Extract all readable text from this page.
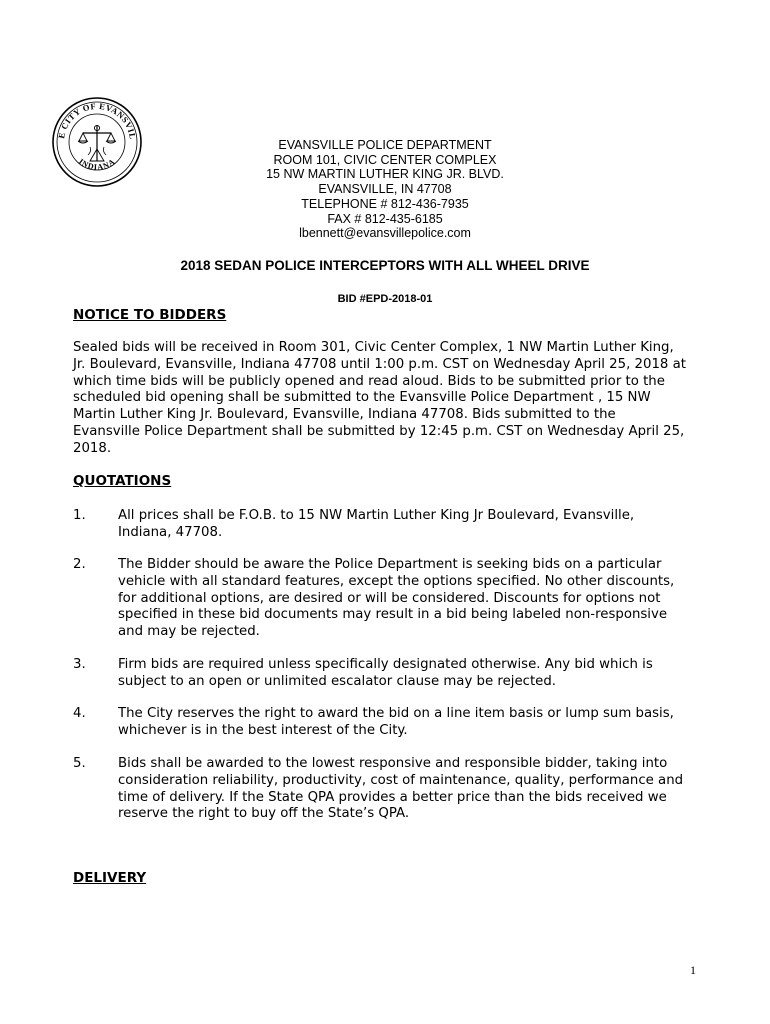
E CITY OF EVANSVIL
INDIANA
EVANSVILLE POLICE DEPARTMENT
ROOM 101, CIVIC CENTER COMPLEX
15 NW MARTIN LUTHER KING JR. BLVD.
EVANSVILLE, IN 47708
TELEPHONE # 812-436-7935
FAX # 812-435-6185
lbennett@evansvillepolice.com
2018 SEDAN POLICE INTERCEPTORS WITH ALL WHEEL DRIVE
BID #EPD-2018-01
NOTICE TO BIDDERS
Sealed bids will be received in Room 301, Civic Center Complex, 1 NW Martin Luther King,
Jr. Boulevard, Evansville, Indiana 47708 until 1:00 p.m. CST on Wednesday April 25, 2018 at
which time bids will be publicly opened and read aloud. Bids to be submitted prior to the
scheduled bid opening shall be submitted to the Evansville Police Department , 15 NW
Martin Luther King Jr. Boulevard, Evansville, Indiana 47708. Bids submitted to the
Evansville Police Department shall be submitted by 12:45 p.m. CST on Wednesday April 25,
2018.
QUOTATIONS
1. All prices shall be F.O.B. to 15 NW Martin Luther King Jr Boulevard, Evansville,
Indiana, 47708.
2. The Bidder should be aware the Police Department is seeking bids on a particular
vehicle with all standard features, except the options specified. No other discounts,
for additional options, are desired or will be considered. Discounts for options not
specified in these bid documents may result in a bid being labeled non-responsive
and may be rejected.
3. Firm bids are required unless specifically designated otherwise. Any bid which is
subject to an open or unlimited escalator clause may be rejected.
4. The City reserves the right to award the bid on a line item basis or lump sum basis,
whichever is in the best interest of the City.
5. Bids shall be awarded to the lowest responsive and responsible bidder, taking into
consideration reliability, productivity, cost of maintenance, quality, performance and
time of delivery. If the State QPA provides a better price than the bids received we
reserve the right to buy off the State’s QPA.
DELIVERY
1
